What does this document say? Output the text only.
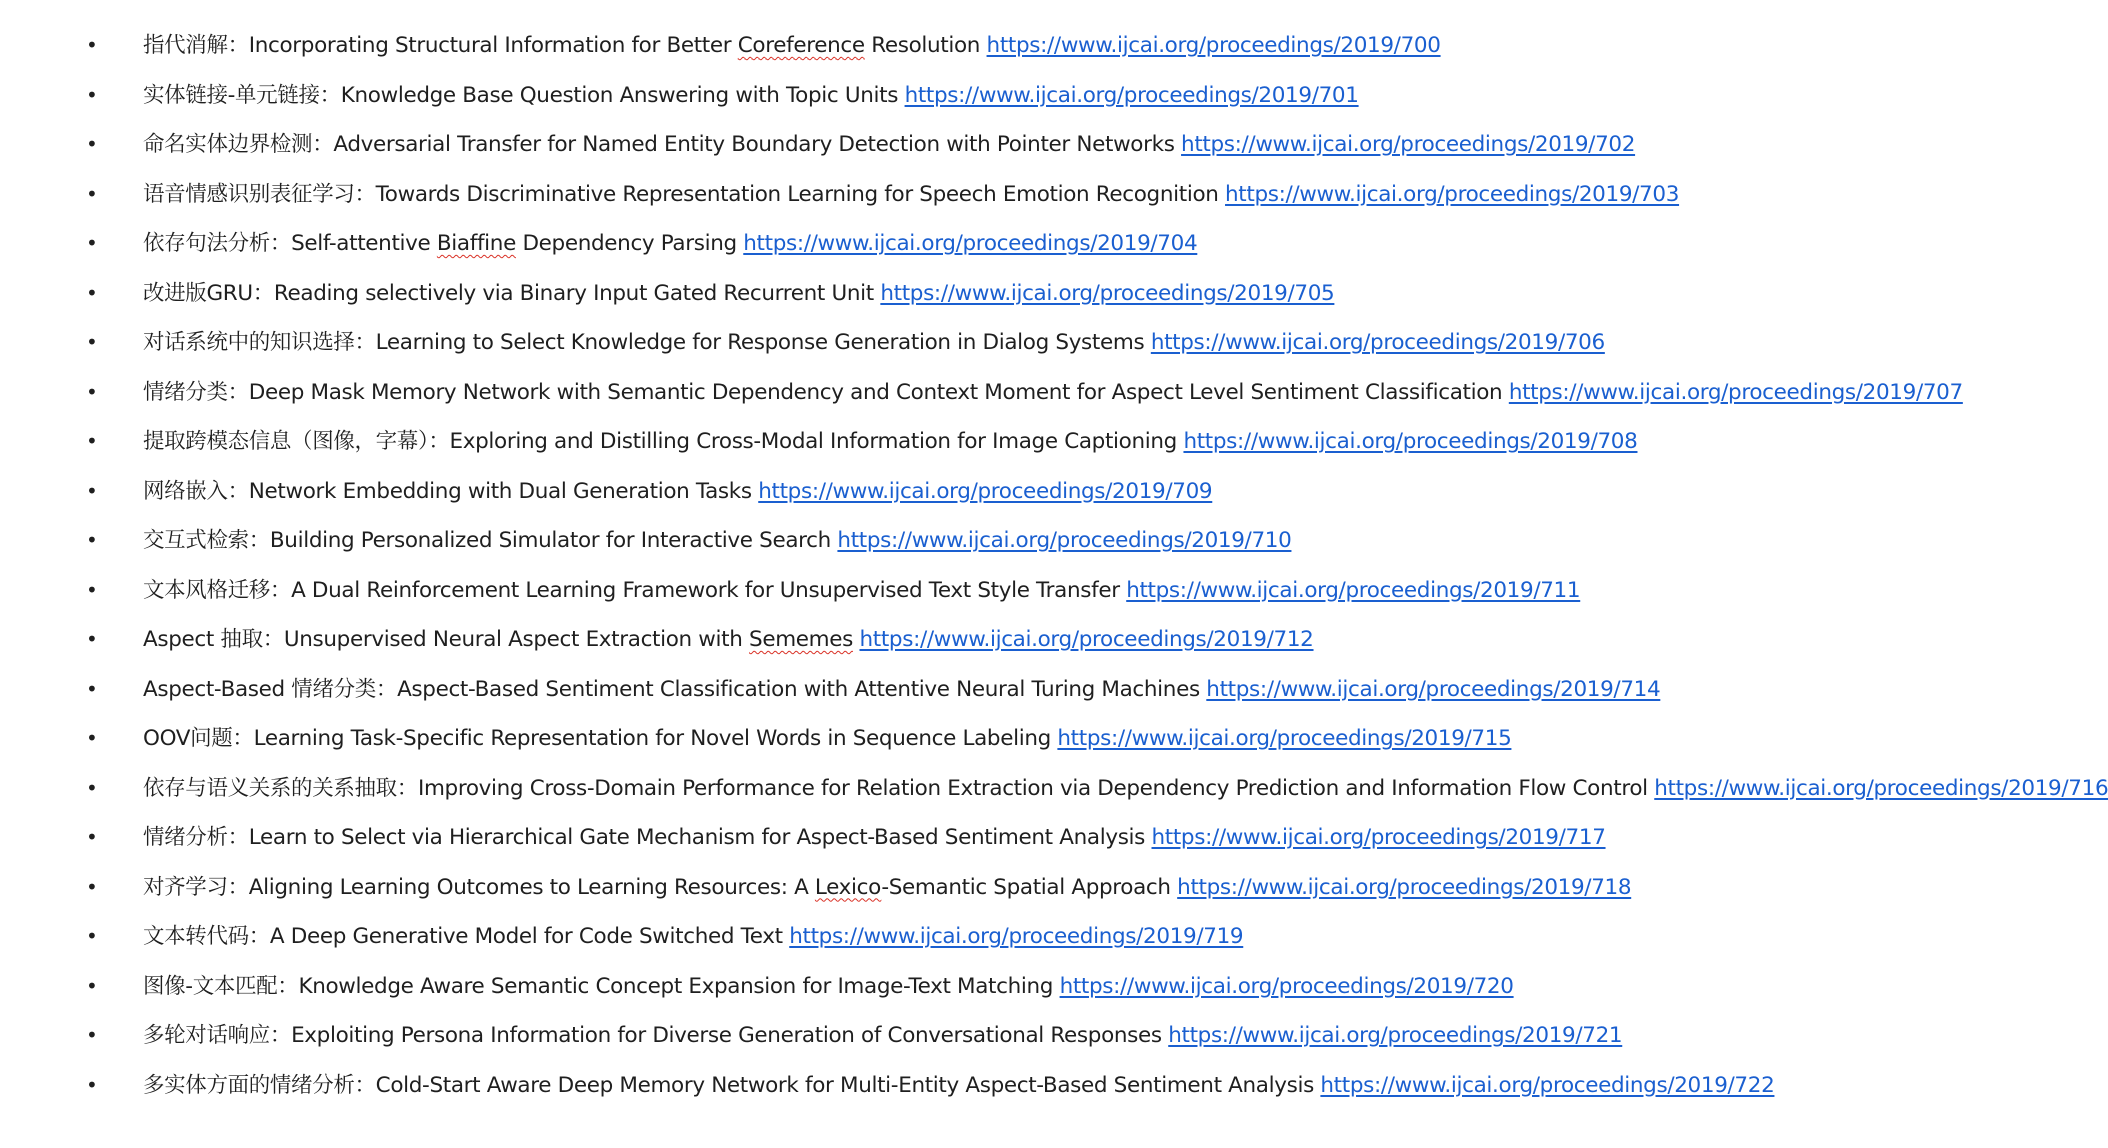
• 指代消解：Incorporating Structural Information for Better Coreference Resolution https://www.ijcai.org/proceedings/2019/700
• 实体链接-单元链接：Knowledge Base Question Answering with Topic Units https://www.ijcai.org/proceedings/2019/701
• 命名实体边界检测：Adversarial Transfer for Named Entity Boundary Detection with Pointer Networks https://www.ijcai.org/proceedings/2019/702
• 语音情感识别表征学习：Towards Discriminative Representation Learning for Speech Emotion Recognition https://www.ijcai.org/proceedings/2019/703
• 依存句法分析：Self-attentive Biaffine Dependency Parsing https://www.ijcai.org/proceedings/2019/704
• 改进版GRU：Reading selectively via Binary Input Gated Recurrent Unit https://www.ijcai.org/proceedings/2019/705
• 对话系统中的知识选择：Learning to Select Knowledge for Response Generation in Dialog Systems https://www.ijcai.org/proceedings/2019/706
• 情绪分类：Deep Mask Memory Network with Semantic Dependency and Context Moment for Aspect Level Sentiment Classification https://www.ijcai.org/proceedings/2019/707
• 提取跨模态信息（图像，字幕）：Exploring and Distilling Cross-Modal Information for Image Captioning https://www.ijcai.org/proceedings/2019/708
• 网络嵌入：Network Embedding with Dual Generation Tasks https://www.ijcai.org/proceedings/2019/709
• 交互式检索：Building Personalized Simulator for Interactive Search https://www.ijcai.org/proceedings/2019/710
• 文本风格迁移：A Dual Reinforcement Learning Framework for Unsupervised Text Style Transfer https://www.ijcai.org/proceedings/2019/711
• Aspect 抽取：Unsupervised Neural Aspect Extraction with Sememes https://www.ijcai.org/proceedings/2019/712
• Aspect-Based 情绪分类：Aspect-Based Sentiment Classification with Attentive Neural Turing Machines https://www.ijcai.org/proceedings/2019/714
• OOV问题：Learning Task-Specific Representation for Novel Words in Sequence Labeling https://www.ijcai.org/proceedings/2019/715
• 依存与语义关系的关系抽取：Improving Cross-Domain Performance for Relation Extraction via Dependency Prediction and Information Flow Control https://www.ijcai.org/proceedings/2019/716
• 情绪分析：Learn to Select via Hierarchical Gate Mechanism for Aspect-Based Sentiment Analysis https://www.ijcai.org/proceedings/2019/717
• 对齐学习：Aligning Learning Outcomes to Learning Resources: A Lexico-Semantic Spatial Approach https://www.ijcai.org/proceedings/2019/718
• 文本转代码：A Deep Generative Model for Code Switched Text https://www.ijcai.org/proceedings/2019/719
• 图像-文本匹配：Knowledge Aware Semantic Concept Expansion for Image-Text Matching https://www.ijcai.org/proceedings/2019/720
• 多轮对话响应：Exploiting Persona Information for Diverse Generation of Conversational Responses https://www.ijcai.org/proceedings/2019/721
• 多实体方面的情绪分析：Cold-Start Aware Deep Memory Network for Multi-Entity Aspect-Based Sentiment Analysis https://www.ijcai.org/proceedings/2019/722
